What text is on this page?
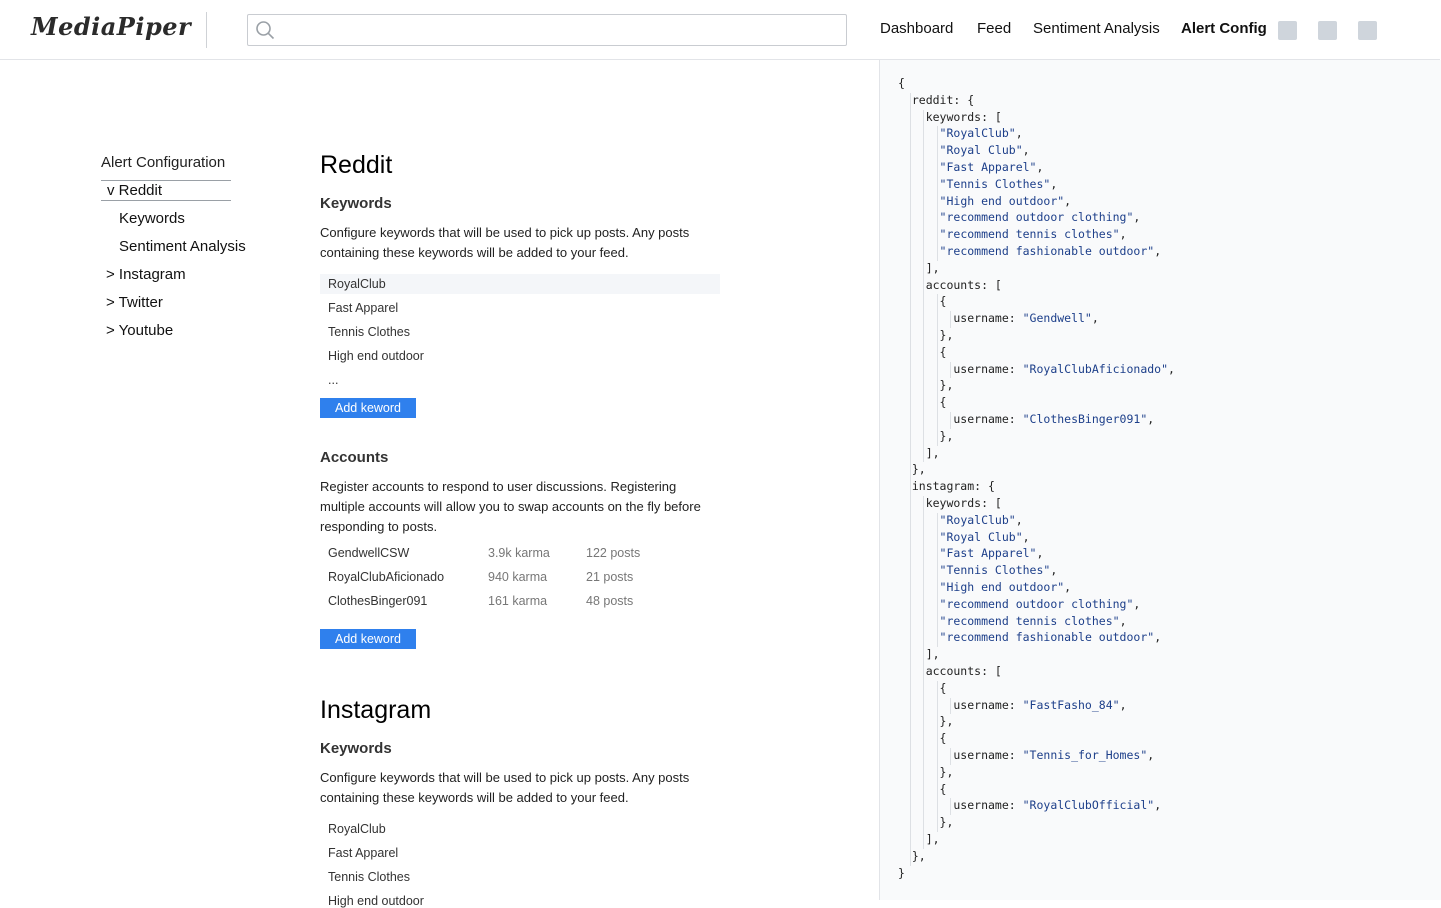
MediaPiper	Dashboard Feed Sentiment Analysis Alert Config
Alert Configuration
v Reddit
Keywords
Sentiment Analysis
> Instagram
> Twitter
> Youtube
Reddit
Keywords
Configure keywords that will be used to pick up posts. Any posts containing these keywords will be added to your feed.
RoyalClub
Fast Apparel
Tennis Clothes
High end outdoor
...
Add keword
Accounts
Register accounts to respond to user discussions. Registering multiple accounts will allow you to swap accounts on the fly before responding to posts.
GendwellCSW	3.9k karma	122 posts
RoyalClubAficionado	940 karma	21 posts
ClothesBinger091	161 karma	48 posts
Add keword
Instagram
Keywords
Configure keywords that will be used to pick up posts. Any posts containing these keywords will be added to your feed.
RoyalClub
Fast Apparel
Tennis Clothes
High end outdoor
{
reddit: {
keywords: [
"RoyalClub",
"Royal Club",
"Fast Apparel",
"Tennis Clothes",
"High end outdoor",
"recommend outdoor clothing",
"recommend tennis clothes",
"recommend fashionable outdoor",
],
accounts: [
{
username: "Gendwell",
},
{
username: "RoyalClubAficionado",
},
{
username: "ClothesBinger091",
},
],
},
instagram: {
keywords: [
"RoyalClub",
"Royal Club",
"Fast Apparel",
"Tennis Clothes",
"High end outdoor",
"recommend outdoor clothing",
"recommend tennis clothes",
"recommend fashionable outdoor",
],
accounts: [
{
username: "FastFasho_84",
},
{
username: "Tennis_for_Homes",
},
{
username: "RoyalClubOfficial",
},
],
},
}
